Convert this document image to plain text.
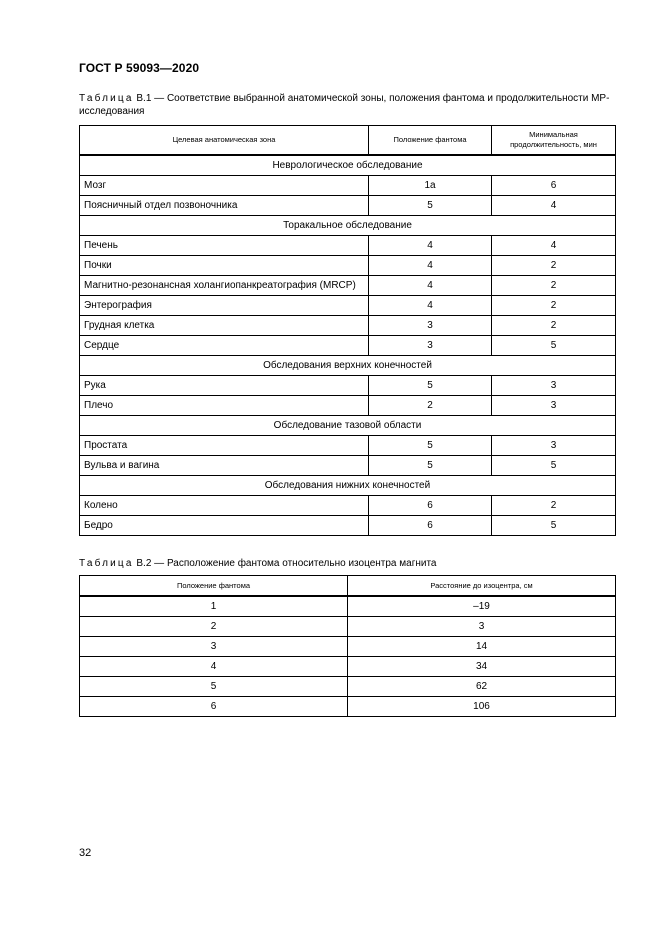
ГОСТ Р 59093—2020
Таблица В.1 — Соответствие выбранной анатомической зоны, положения фантома и продолжительности МР-исследования
Целевая анатомическая зона	Положение фантома	Минимальная продолжительность, мин
Неврологическое обследование		
Мозг	1а	6
Поясничный отдел позвоночника	5	4
Торакальное обследование		
Печень	4	4
Почки	4	2
Магнитно-резонансная холангиопанкреатография (MRCP)	4	2
Энтерография	4	2
Грудная клетка	3	2
Сердце	3	5
Обследования верхних конечностей		
Рука	5	3
Плечо	2	3
Обследование тазовой области		
Простата	5	3
Вульва и вагина	5	5
Обследования нижних конечностей		
Колено	6	2
Бедро	6	5
Таблица В.2 — Расположение фантома относительно изоцентра магнита
Положение фантома	Расстояние до изоцентра, см
1	–19
2	3
3	14
4	34
5	62
6	106
32
